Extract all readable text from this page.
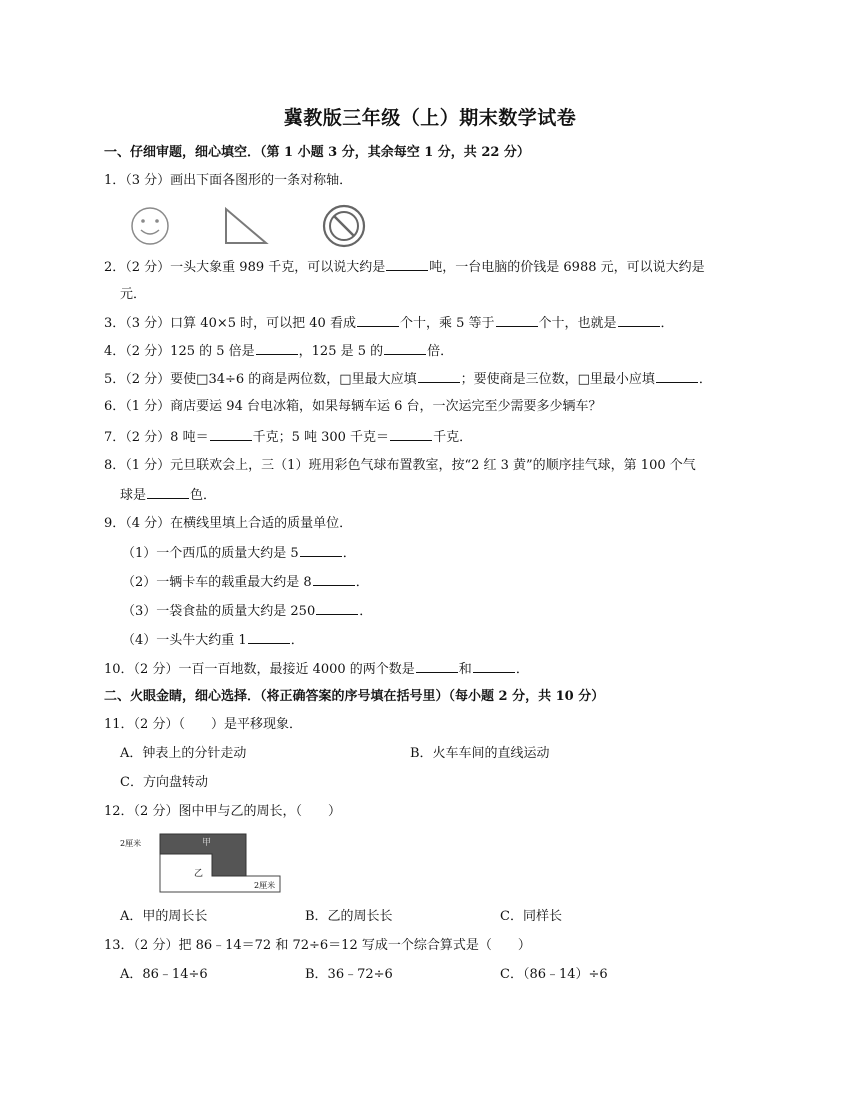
冀教版三年级（上）期末数学试卷
一、仔细审题，细心填空．（第 1 小题 3 分，其余每空 1 分，共 22 分）
1．（3 分）画出下面各图形的一条对称轴．
2．（2 分）一头大象重 989 千克，可以说大约是	吨，一台电脑的价钱是 6988 元，可以说大约是
元．
3．（3 分）口算 40×5 时，可以把 40 看成	个十，乘 5 等于	个十，也就是	．
4．（2 分）125 的 5 倍是	，125 是 5 的	倍．
5．（2 分）要使□34÷6 的商是两位数，□里最大应填	；要使商是三位数，□里最小应填	．
6．（1 分）商店要运 94 台电冰箱，如果每辆车运 6 台，一次运完至少需要多少辆车？
7．（2 分）8 吨＝	千克；5 吨 300 千克＝	千克．
8．（1 分）元旦联欢会上，三（1）班用彩色气球布置教室，按“2 红 3 黄”的顺序挂气球，第 100 个气
球是	色．
9．（4 分）在横线里填上合适的质量单位．
（1）一个西瓜的质量大约是 5	．
（2）一辆卡车的载重最大约是 8	．
（3）一袋食盐的质量大约是 250	．
（4）一头牛大约重 1	．
10．（2 分）一百一百地数，最接近 4000 的两个数是	和	．
二、火眼金睛，细心选择．（将正确答案的序号填在括号里）（每小题 2 分，共 10 分）
11．（2 分）（　　）是平移现象．
A．钟表上的分针走动	B．火车车间的直线运动
C．方向盘转动
12．（2 分）图中甲与乙的周长，（　　）
2厘米	甲
乙
2厘米
A．甲的周长长	B．乙的周长长	C．同样长
13．（2 分）把 86﹣14＝72 和 72÷6＝12 写成一个综合算式是（　　）
A．86﹣14÷6	B．36﹣72÷6	C．（86﹣14）÷6
